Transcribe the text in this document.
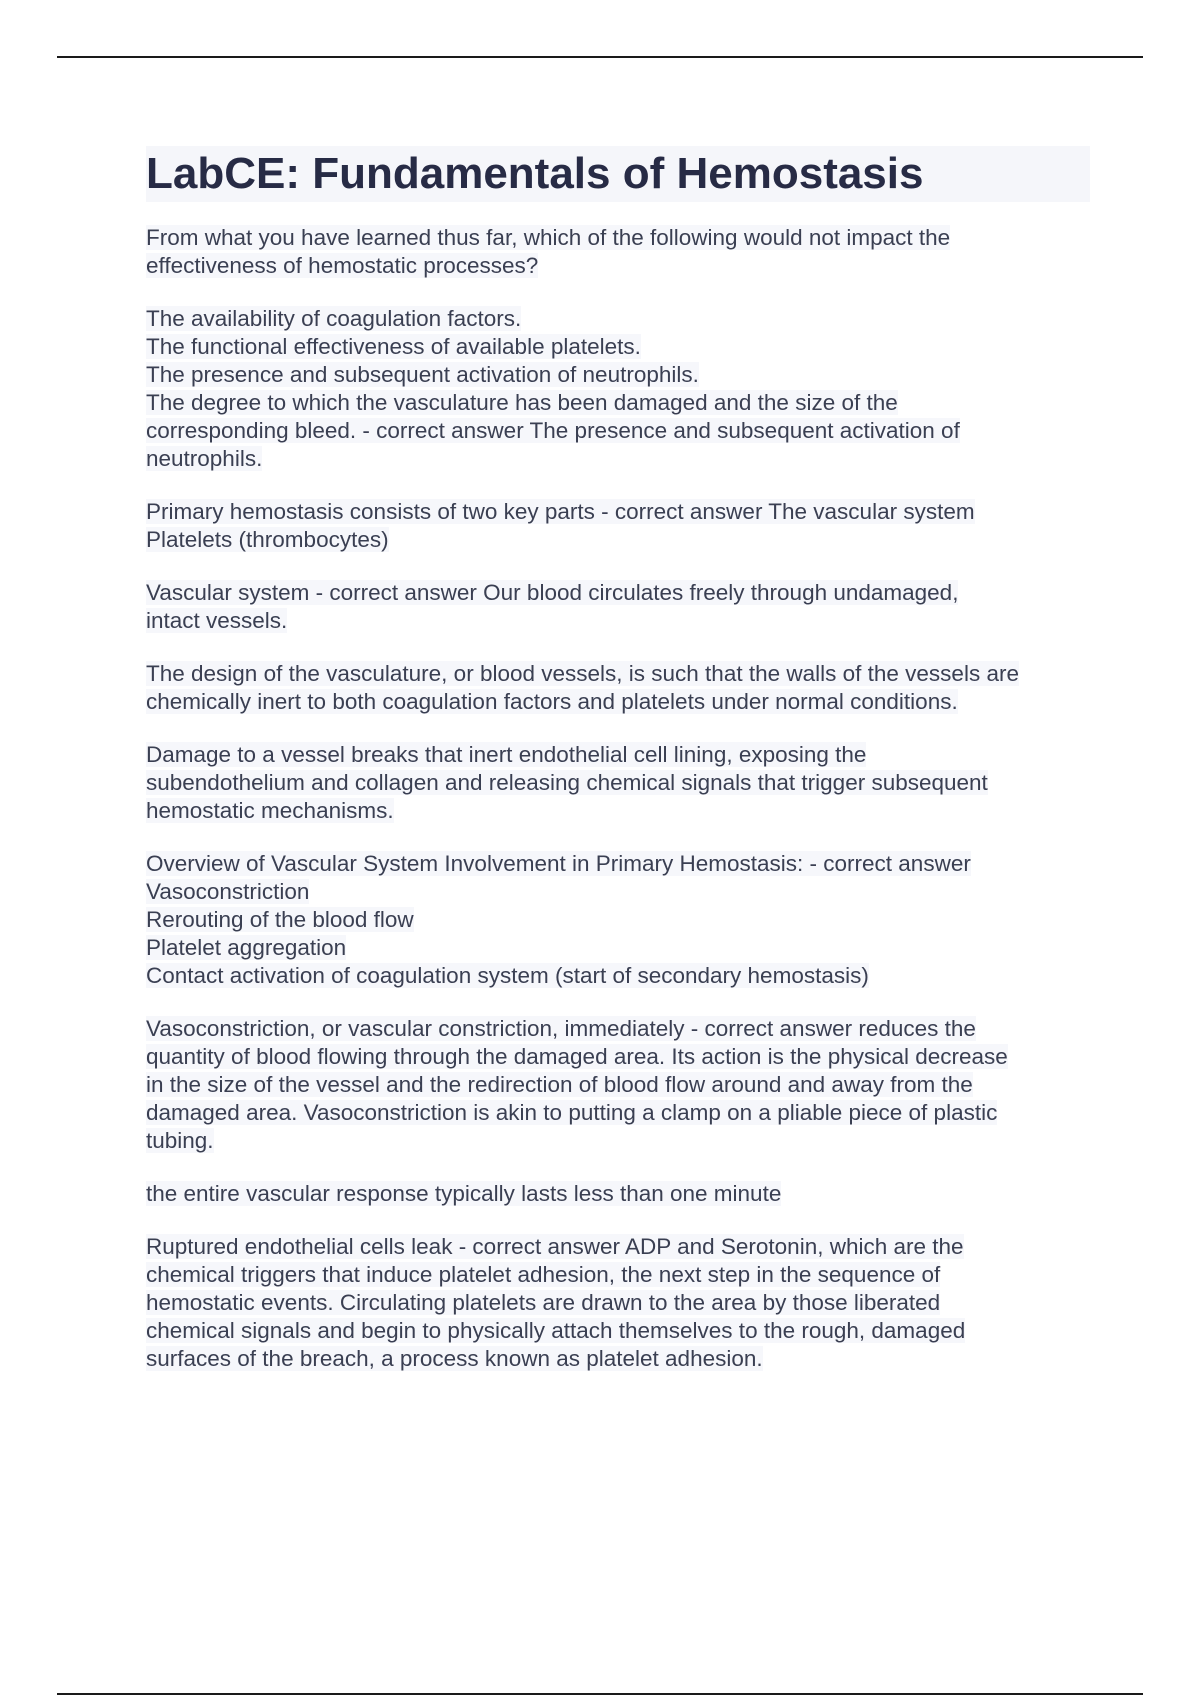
LabCE: Fundamentals of Hemostasis
From what you have learned thus far, which of the following would not impact the
effectiveness of hemostatic processes?
The availability of coagulation factors.
The functional effectiveness of available platelets.
The presence and subsequent activation of neutrophils.
The degree to which the vasculature has been damaged and the size of the
corresponding bleed. - correct answer The presence and subsequent activation of
neutrophils.
Primary hemostasis consists of two key parts - correct answer The vascular system
Platelets (thrombocytes)
Vascular system - correct answer Our blood circulates freely through undamaged,
intact vessels.
The design of the vasculature, or blood vessels, is such that the walls of the vessels are
chemically inert to both coagulation factors and platelets under normal conditions.
Damage to a vessel breaks that inert endothelial cell lining, exposing the
subendothelium and collagen and releasing chemical signals that trigger subsequent
hemostatic mechanisms.
Overview of Vascular System Involvement in Primary Hemostasis: - correct answer
Vasoconstriction
Rerouting of the blood flow
Platelet aggregation
Contact activation of coagulation system (start of secondary hemostasis)
Vasoconstriction, or vascular constriction, immediately - correct answer reduces the
quantity of blood flowing through the damaged area. Its action is the physical decrease
in the size of the vessel and the redirection of blood flow around and away from the
damaged area. Vasoconstriction is akin to putting a clamp on a pliable piece of plastic
tubing.
the entire vascular response typically lasts less than one minute
Ruptured endothelial cells leak - correct answer ADP and Serotonin, which are the
chemical triggers that induce platelet adhesion, the next step in the sequence of
hemostatic events. Circulating platelets are drawn to the area by those liberated
chemical signals and begin to physically attach themselves to the rough, damaged
surfaces of the breach, a process known as platelet adhesion.
